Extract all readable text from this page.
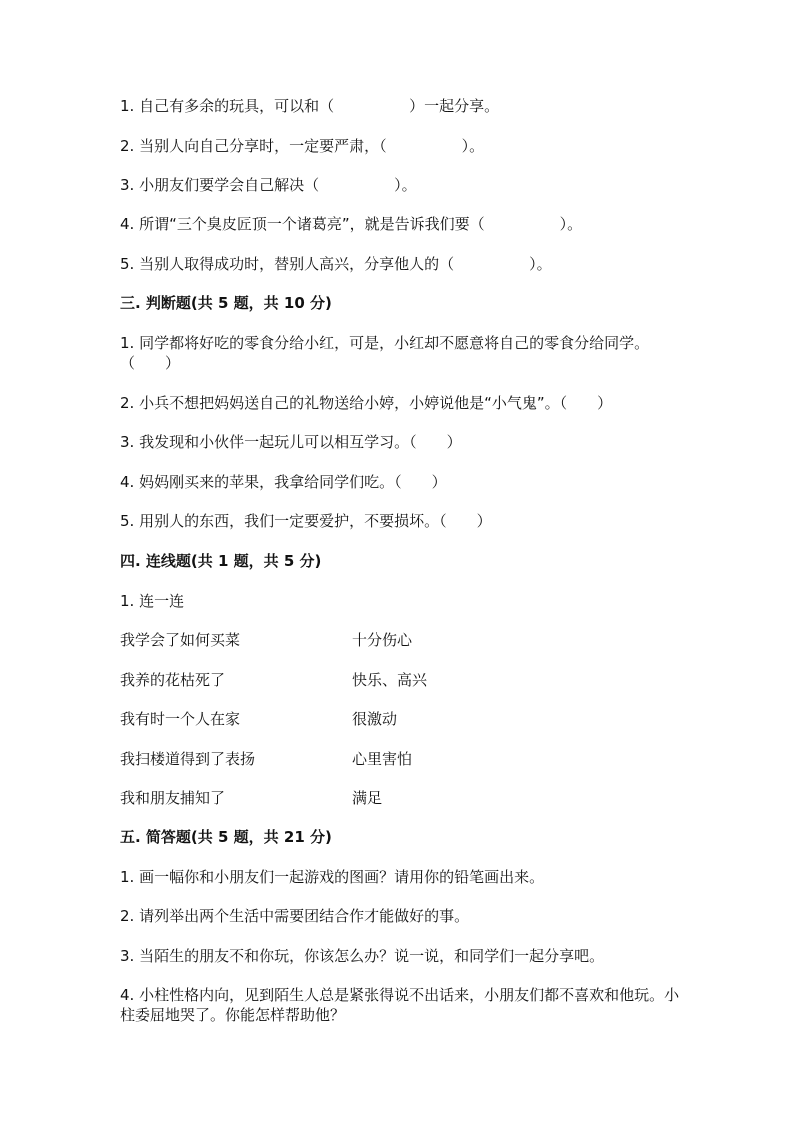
1. 自己有多余的玩具，可以和（　　　　　）一起分享。
2. 当别人向自己分享时，一定要严肃，（　　　　　）。
3. 小朋友们要学会自己解决（　　　　　）。
4. 所谓“三个臭皮匠顶一个诸葛亮”，就是告诉我们要（　　　　　）。
5. 当别人取得成功时，替别人高兴，分享他人的（　　　　　）。
三. 判断题(共 5 题，共 10 分)
1. 同学都将好吃的零食分给小红，可是，小红却不愿意将自己的零食分给同学。（　　）
2. 小兵不想把妈妈送自己的礼物送给小婷，小婷说他是“小气鬼”。（　　）
3. 我发现和小伙伴一起玩儿可以相互学习。（　　）
4. 妈妈刚买来的苹果，我拿给同学们吃。（　　）
5. 用别人的东西，我们一定要爱护，不要损坏。（　　）
四. 连线题(共 1 题，共 5 分)
1. 连一连
我学会了如何买菜	十分伤心
我养的花枯死了	快乐、高兴
我有时一个人在家	很激动
我扫楼道得到了表扬	心里害怕
我和朋友捕知了	满足
五. 简答题(共 5 题，共 21 分)
1. 画一幅你和小朋友们一起游戏的图画？请用你的铅笔画出来。
2. 请列举出两个生活中需要团结合作才能做好的事。
3. 当陌生的朋友不和你玩，你该怎么办？说一说，和同学们一起分享吧。
4. 小柱性格内向，见到陌生人总是紧张得说不出话来，小朋友们都不喜欢和他玩。小柱委屈地哭了。你能怎样帮助他？
